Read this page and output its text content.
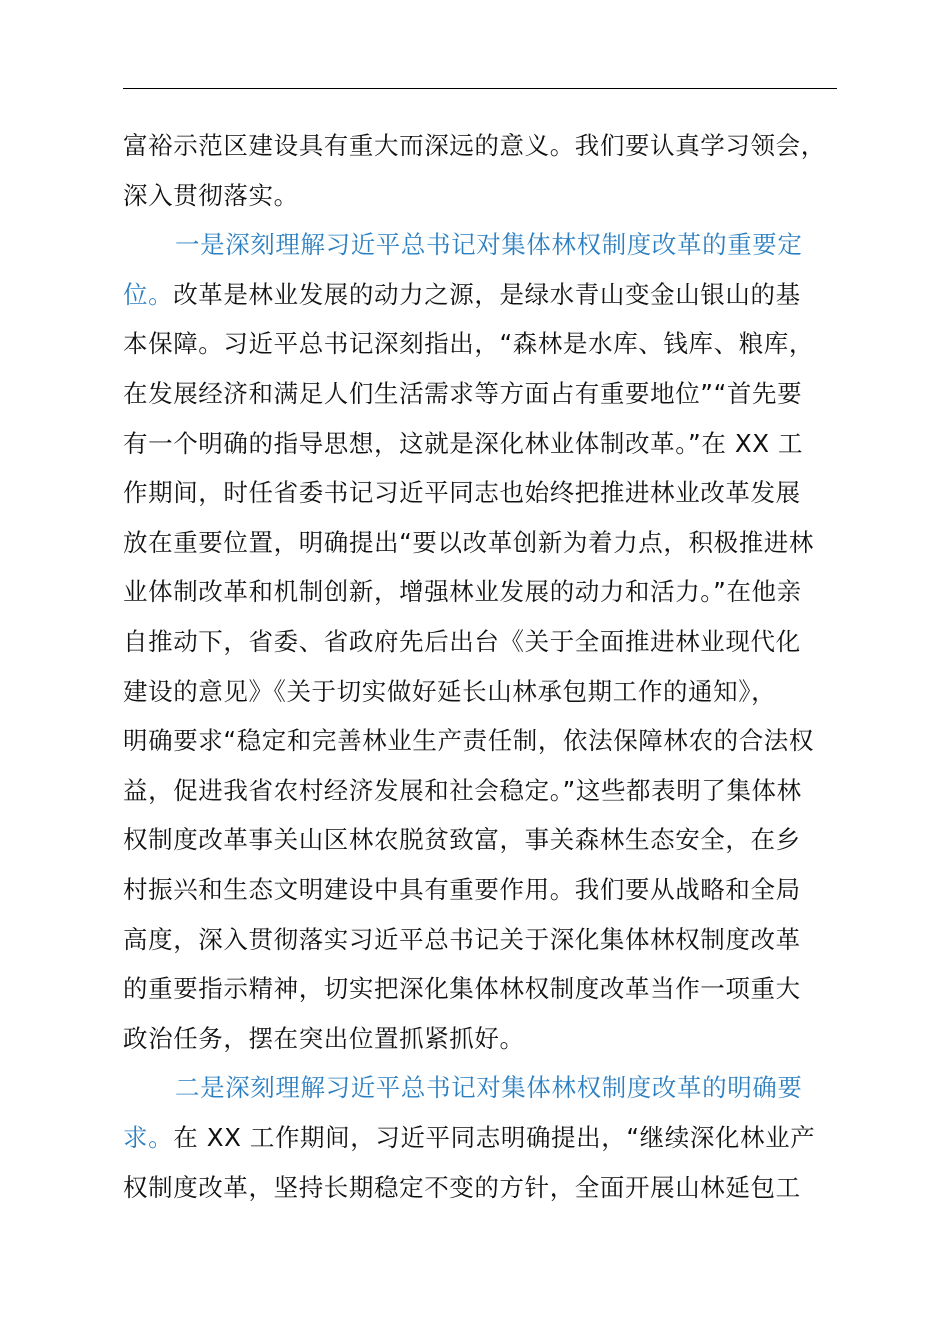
富裕示范区建设具有重大而深远的意义。我们要认真学习领会，
深入贯彻落实。
一是深刻理解习近平总书记对集体林权制度改革的重要定
位。改革是林业发展的动力之源，是绿水青山变金山银山的基
本保障。习近平总书记深刻指出，“森林是水库、钱库、粮库，
在发展经济和满足人们生活需求等方面占有重要地位”“首先要
有一个明确的指导思想，这就是深化林业体制改革。”在 XX 工
作期间，时任省委书记习近平同志也始终把推进林业改革发展
放在重要位置，明确提出“要以改革创新为着力点，积极推进林
业体制改革和机制创新，增强林业发展的动力和活力。”在他亲
自推动下，省委、省政府先后出台《关于全面推进林业现代化
建设的意见》《关于切实做好延长山林承包期工作的通知》，
明确要求“稳定和完善林业生产责任制，依法保障林农的合法权
益，促进我省农村经济发展和社会稳定。”这些都表明了集体林
权制度改革事关山区林农脱贫致富，事关森林生态安全，在乡
村振兴和生态文明建设中具有重要作用。我们要从战略和全局
高度，深入贯彻落实习近平总书记关于深化集体林权制度改革
的重要指示精神，切实把深化集体林权制度改革当作一项重大
政治任务，摆在突出位置抓紧抓好。
二是深刻理解习近平总书记对集体林权制度改革的明确要
求。在 XX 工作期间，习近平同志明确提出，“继续深化林业产
权制度改革，坚持长期稳定不变的方针，全面开展山林延包工
